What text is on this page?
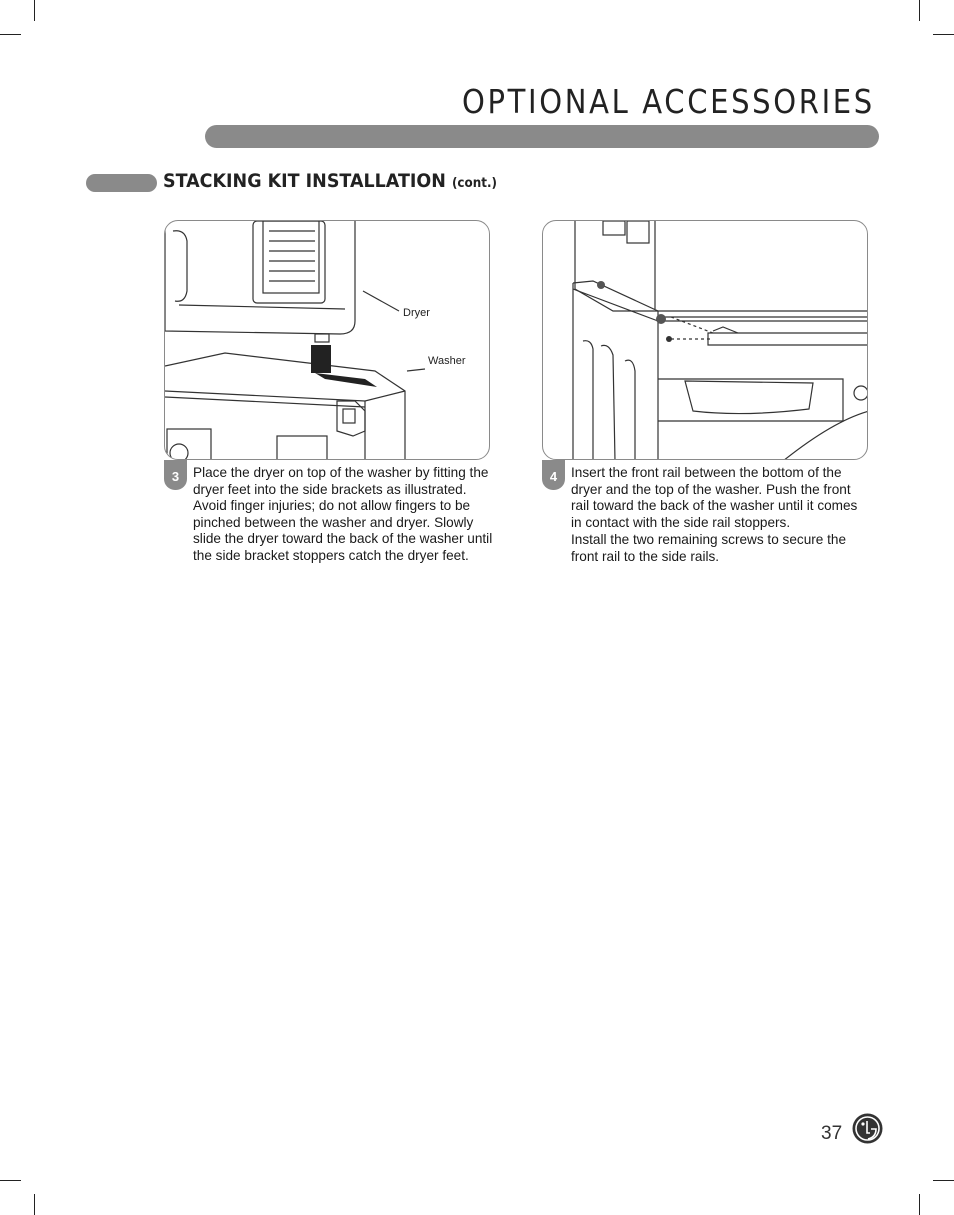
OPTIONAL ACCESSORIES
STACKING KIT INSTALLATION (cont.)
Dryer
Washer
3	Place the dryer on top of the washer by fitting the dryer feet into the side brackets as illustrated. Avoid finger injuries; do not allow fingers to be pinched between the washer and dryer. Slowly slide the dryer toward the back of the washer until the side bracket stoppers catch the dryer feet.

4	Insert the front rail between the bottom of the dryer and the top of the washer. Push the front rail toward the back of the washer until it comes in contact with the side rail stoppers.

Install the two remaining screws to secure the front rail to the side rails.

37
